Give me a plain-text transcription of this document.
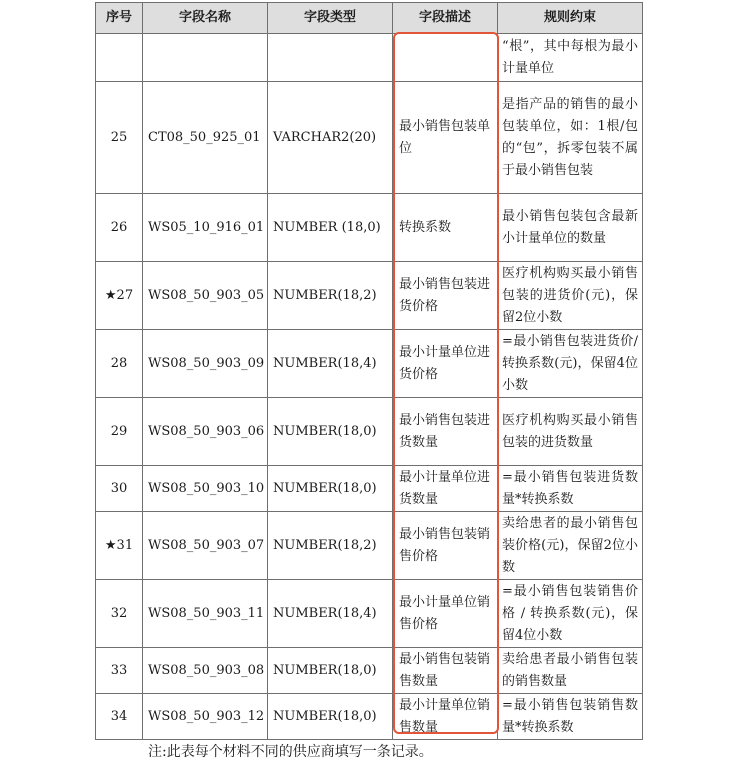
序号	字段名称	字段类型	字段描述	规则约束
				“根”，其中每根为最小计量单位
25	CT08_50_925_01	VARCHAR2(20)	最小销售包装单位	是指产品的销售的最小包装单位，如：1根/包的“包”，拆零包装不属于最小销售包装
26	WS05_10_916_01	NUMBER (18,0)	转换系数	最小销售包装包含最新小计量单位的数量
★27	WS08_50_903_05	NUMBER(18,2)	最小销售包装进货价格	医疗机构购买最小销售包装的进货价(元)，保留2位小数
28	WS08_50_903_09	NUMBER(18,4)	最小计量单位进货价格	=最小销售包装进货价/转换系数(元)，保留4位小数
29	WS08_50_903_06	NUMBER(18,0)	最小销售包装进货数量	医疗机构购买最小销售包装的进货数量
30	WS08_50_903_10	NUMBER(18,0)	最小计量单位进货数量	=最小销售包装进货数量*转换系数
★31	WS08_50_903_07	NUMBER(18,2)	最小销售包装销售价格	卖给患者的最小销售包装价格(元)，保留2位小数
32	WS08_50_903_11	NUMBER(18,4)	最小计量单位销售价格	=最小销售包装销售价格 / 转换系数(元)，保留4位小数
33	WS08_50_903_08	NUMBER(18,0)	最小销售包装销售数量	卖给患者最小销售包装的销售数量
34	WS08_50_903_12	NUMBER(18,0)	最小计量单位销售数量	=最小销售包装销售数量*转换系数
注:此表每个材料不同的供应商填写一条记录。
